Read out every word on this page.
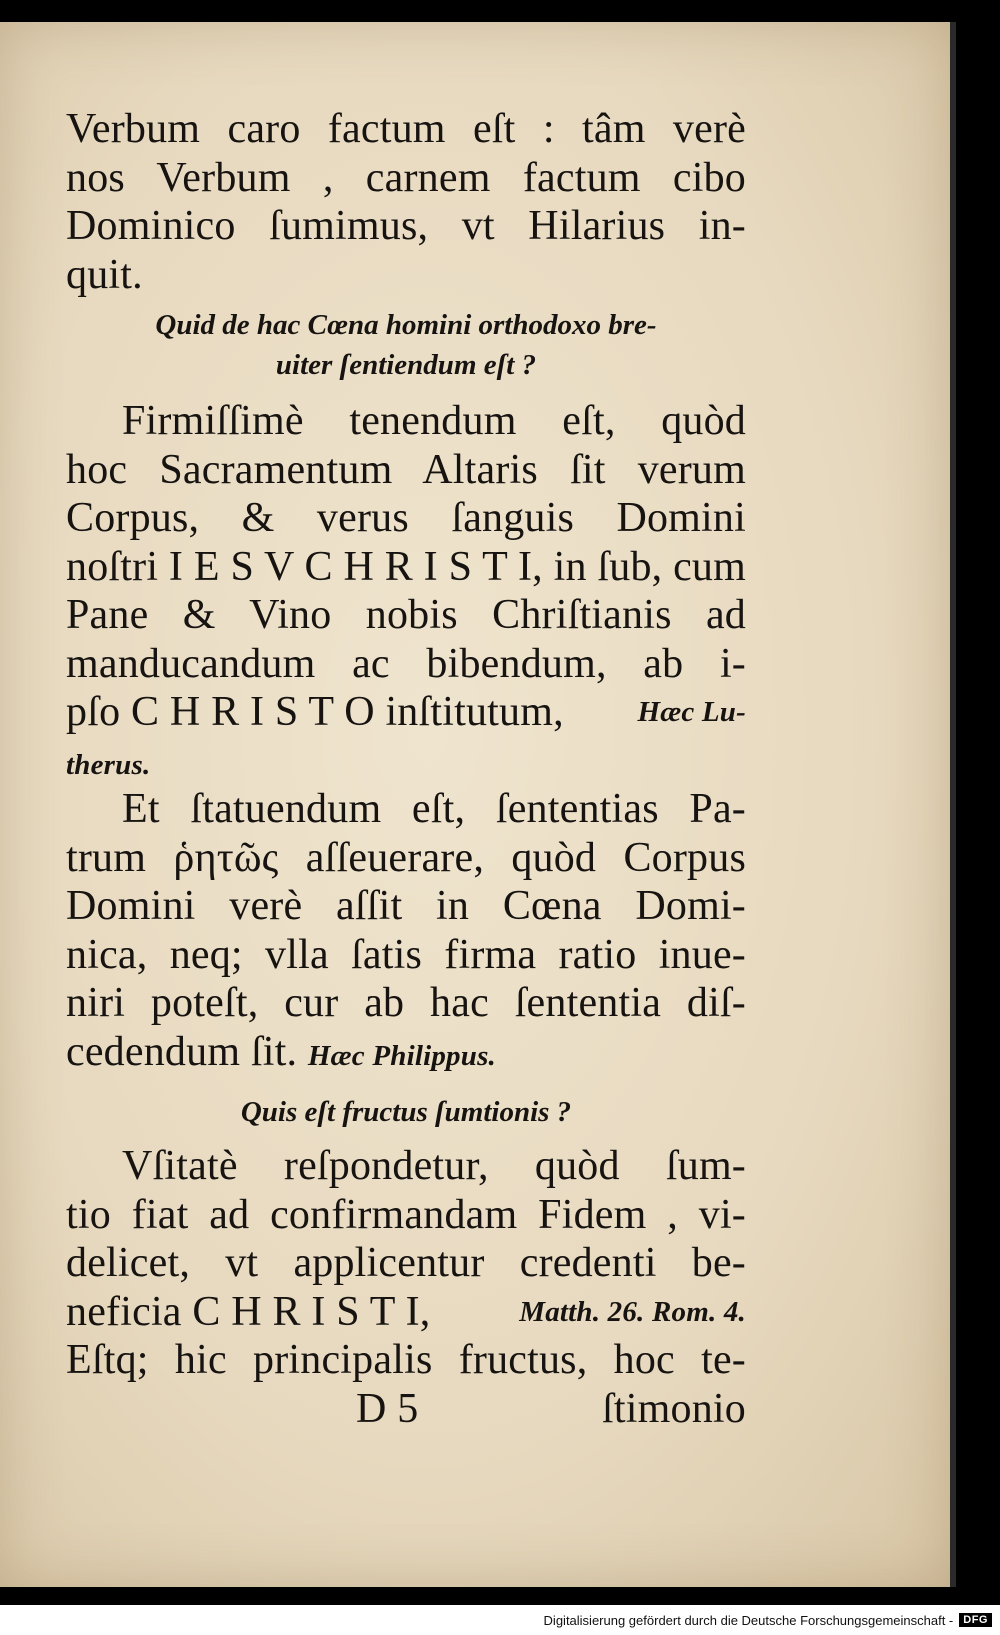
Verbum caro factum eſt : tâm verè
nos Verbum , carnem factum cibo
Dominico ſumimus, vt Hilarius in-
quit.
Quid de hac Cœna homini orthodoxo bre-
uiter ſentiendum eſt ?
Firmiſſimè tenendum eſt, quòd
hoc Sacramentum Altaris ſit verum
Corpus, & verus ſanguis Domini
noſtri I E S V C H R I S T I, in ſub, cum
Pane & Vino nobis Chriſtianis ad
manducandum ac bibendum, ab i-
pſo C H R I S T O inſtitutum,	Hæc Lu-
therus.
Et ſtatuendum eſt, ſententias Pa-
trum ῥητῶς aſſeuerare, quòd Corpus
Domini verè aſſit in Cœna Domi-
nica, neq; vlla ſatis firma ratio inue-
niri poteſt, cur ab hac ſententia diſ-
cedendum ſit. Hæc Philippus.
Quis eſt fructus ſumtionis ?
Vſitatè reſpondetur, quòd ſum-
tio fiat ad confirmandam Fidem , vi-
delicet, vt applicentur credenti be-
neficia C H R I S T I,	Matth. 26. Rom. 4.
Eſtq; hic principalis fructus, hoc te-
D 5	ſtimonio
Digitalisierung gefördert durch die Deutsche Forschungsgemeinschaft - DFG
